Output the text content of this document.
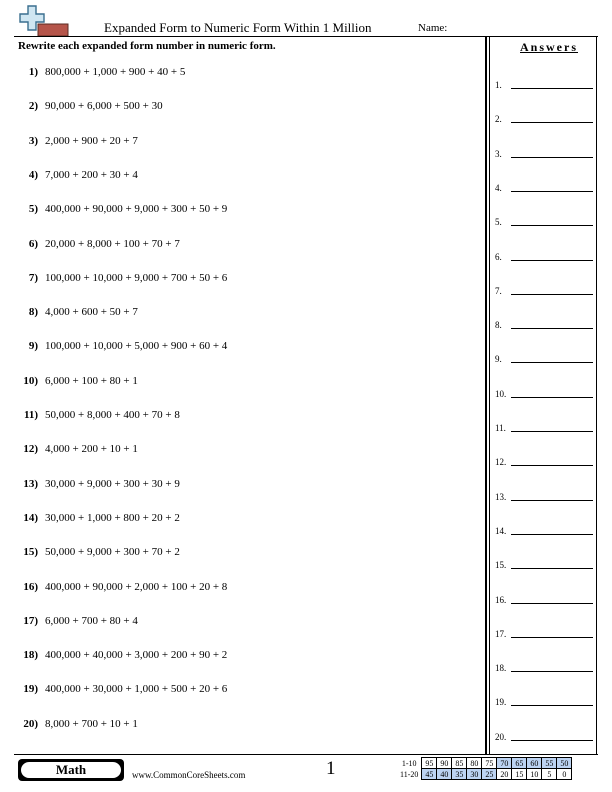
Expanded Form to Numeric Form Within 1 Million	Name:
Rewrite each expanded form number in numeric form.	Answers
1) 800,000 + 1,000 + 900 + 40 + 5
2) 90,000 + 6,000 + 500 + 30
3) 2,000 + 900 + 20 + 7
4) 7,000 + 200 + 30 + 4
5) 400,000 + 90,000 + 9,000 + 300 + 50 + 9
6) 20,000 + 8,000 + 100 + 70 + 7
7) 100,000 + 10,000 + 9,000 + 700 + 50 + 6
8) 4,000 + 600 + 50 + 7
9) 100,000 + 10,000 + 5,000 + 900 + 60 + 4
10) 6,000 + 100 + 80 + 1
11) 50,000 + 8,000 + 400 + 70 + 8
12) 4,000 + 200 + 10 + 1
13) 30,000 + 9,000 + 300 + 30 + 9
14) 30,000 + 1,000 + 800 + 20 + 2
15) 50,000 + 9,000 + 300 + 70 + 2
16) 400,000 + 90,000 + 2,000 + 100 + 20 + 8
17) 6,000 + 700 + 80 + 4
18) 400,000 + 40,000 + 3,000 + 200 + 90 + 2
19) 400,000 + 30,000 + 1,000 + 500 + 20 + 6
20) 8,000 + 700 + 10 + 1
1.
2.
3.
4.
5.
6.
7.
8.
9.
10.
11.
12.
13.
14.
15.
16.
17.
18.
19.
20.
Math	www.CommonCoreSheets.com	1	1-10	95	90	85	80	75	70	65	60	55	50
11-20	45	40	35	30	25	20	15	10	5	0
